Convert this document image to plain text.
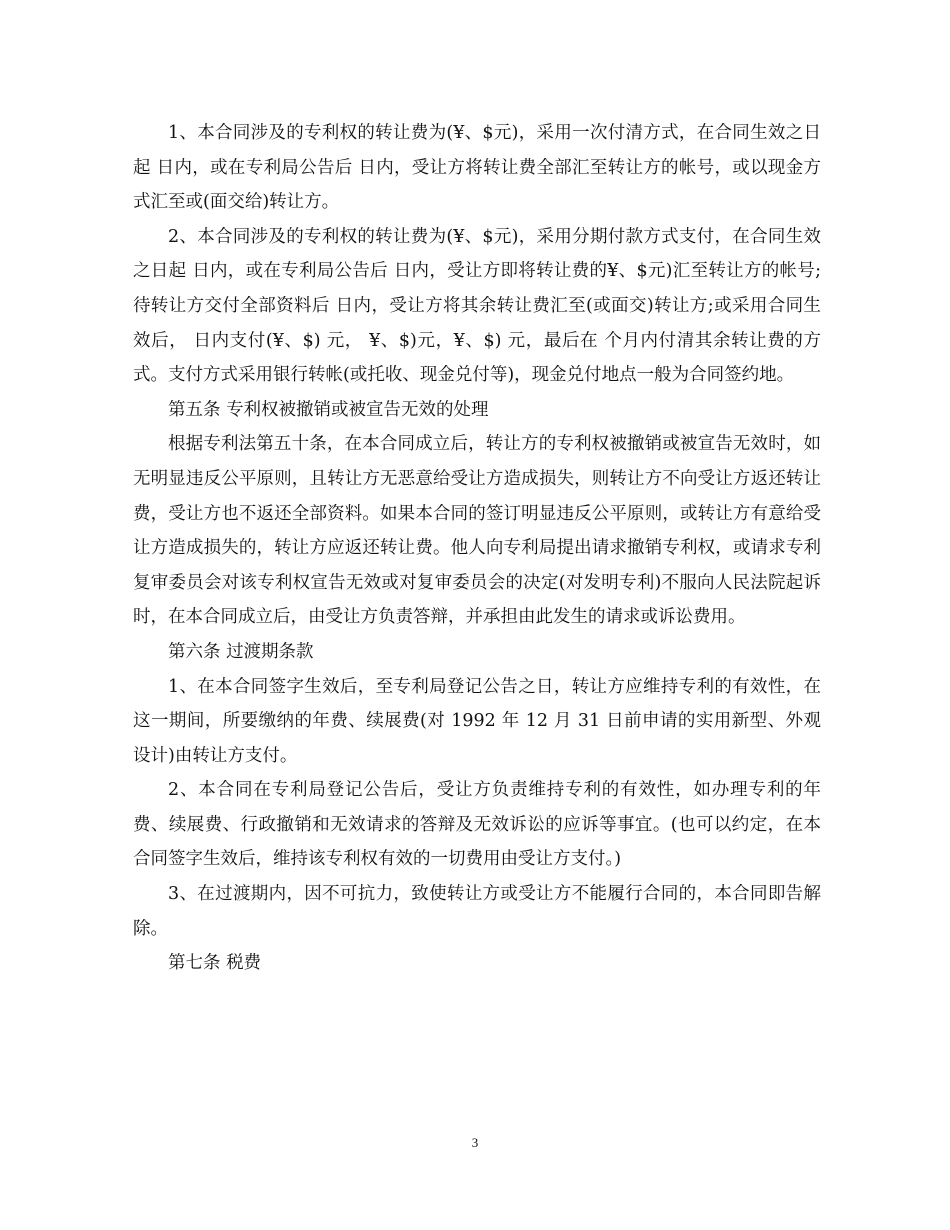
1、本合同涉及的专利权的转让费为(¥、$元)，采用一次付清方式，在合同生效之日起 日内，或在专利局公告后 日内，受让方将转让费全部汇至转让方的帐号，或以现金方式汇至或(面交给)转让方。

2、本合同涉及的专利权的转让费为(¥、$元)，采用分期付款方式支付，在合同生效之日起 日内，或在专利局公告后 日内，受让方即将转让费的¥、$元)汇至转让方的帐号;待转让方交付全部资料后 日内，受让方将其余转让费汇至(或面交)转让方;或采用合同生效后， 日内支付(¥、$) 元， ¥、$)元，¥、$) 元，最后在 个月内付清其余转让费的方式。支付方式采用银行转帐(或托收、现金兑付等)，现金兑付地点一般为合同签约地。

第五条 专利权被撤销或被宣告无效的处理

根据专利法第五十条，在本合同成立后，转让方的专利权被撤销或被宣告无效时，如无明显违反公平原则，且转让方无恶意给受让方造成损失，则转让方不向受让方返还转让费，受让方也不返还全部资料。如果本合同的签订明显违反公平原则，或转让方有意给受让方造成损失的，转让方应返还转让费。他人向专利局提出请求撤销专利权，或请求专利复审委员会对该专利权宣告无效或对复审委员会的决定(对发明专利)不服向人民法院起诉时，在本合同成立后，由受让方负责答辩，并承担由此发生的请求或诉讼费用。

第六条 过渡期条款

1、在本合同签字生效后，至专利局登记公告之日，转让方应维持专利的有效性，在这一期间，所要缴纳的年费、续展费(对 1992 年 12 月 31 日前申请的实用新型、外观设计)由转让方支付。

2、本合同在专利局登记公告后，受让方负责维持专利的有效性，如办理专利的年费、续展费、行政撤销和无效请求的答辩及无效诉讼的应诉等事宜。(也可以约定，在本合同签字生效后，维持该专利权有效的一切费用由受让方支付。)

3、在过渡期内，因不可抗力，致使转让方或受让方不能履行合同的，本合同即告解除。

第七条 税费

3
